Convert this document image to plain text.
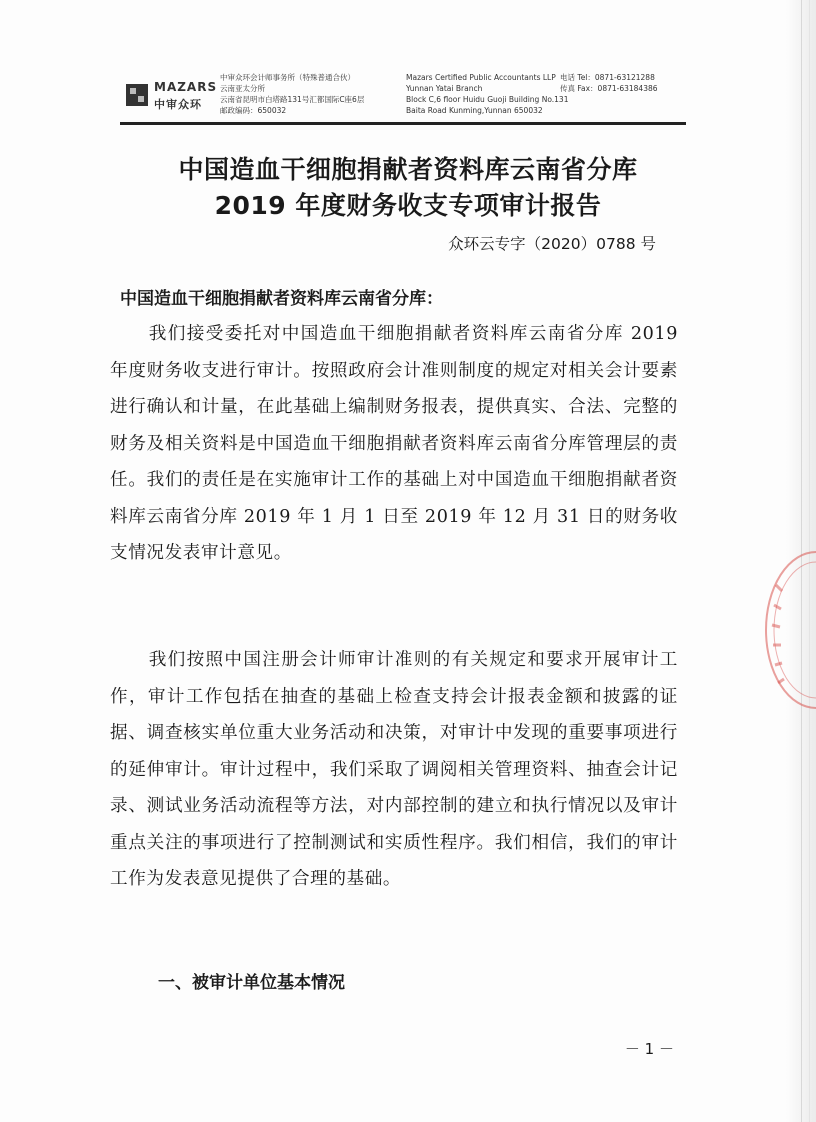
MAZARS
中审众环
中审众环会计师事务所（特殊普通合伙）
云南亚太分所
云南省昆明市白塔路131号汇都国际C座6层
邮政编码：650032
Mazars Certified Public Accountants LLP
Yunnan Yatai Branch
Block C,6 floor Huidu Guoji Building No.131
Baita Road Kunming,Yunnan 650032
电话 Tel：0871-63121288
传真 Fax：0871-63184386
中国造血干细胞捐献者资料库云南省分库
2019 年度财务收支专项审计报告
众环云专字（2020）0788 号
中国造血干细胞捐献者资料库云南省分库：

我们接受委托对中国造血干细胞捐献者资料库云南省分库 2019 年度财务收支进行审计。按照政府会计准则制度的规定对相关会计要素进行确认和计量，在此基础上编制财务报表，提供真实、合法、完整的财务及相关资料是中国造血干细胞捐献者资料库云南省分库管理层的责任。我们的责任是在实施审计工作的基础上对中国造血干细胞捐献者资料库云南省分库 2019 年 1 月 1 日至 2019 年 12 月 31 日的财务收支情况发表审计意见。

我们按照中国注册会计师审计准则的有关规定和要求开展审计工作，审计工作包括在抽查的基础上检查支持会计报表金额和披露的证据、调查核实单位重大业务活动和决策，对审计中发现的重要事项进行的延伸审计。审计过程中，我们采取了调阅相关管理资料、抽查会计记录、测试业务活动流程等方法，对内部控制的建立和执行情况以及审计重点关注的事项进行了控制测试和实质性程序。我们相信，我们的审计工作为发表意见提供了合理的基础。

一、被审计单位基本情况
－ 1 －
